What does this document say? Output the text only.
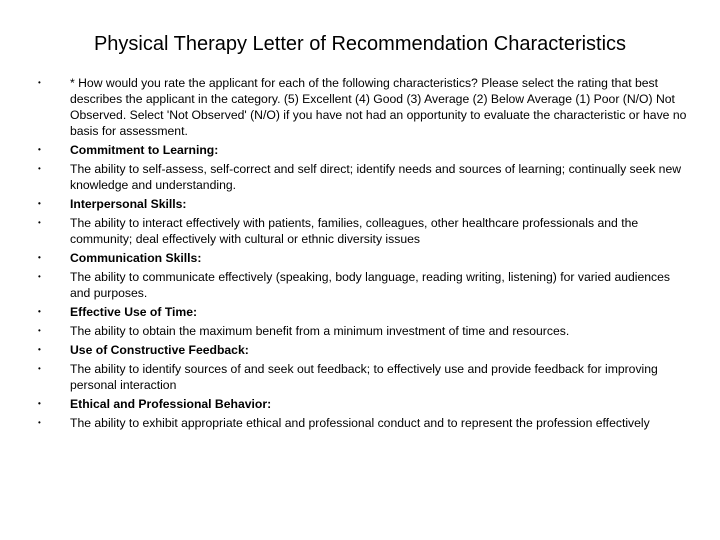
Physical Therapy Letter of Recommendation Characteristics
•	* How would you rate the applicant for each of the following characteristics? Please select the rating that best describes the applicant in the category. (5) Excellent (4) Good (3) Average (2) Below Average (1) Poor (N/O) Not Observed. Select 'Not Observed' (N/O) if you have not had an opportunity to evaluate the characteristic or have no basis for assessment.
•	Commitment to Learning:
•	The ability to self-assess, self-correct and self direct; identify needs and sources of learning; continually seek new knowledge and understanding.
•	Interpersonal Skills:
•	The ability to interact effectively with patients, families, colleagues, other healthcare professionals and the community; deal effectively with cultural or ethnic diversity issues
•	Communication Skills:
•	The ability to communicate effectively (speaking, body language, reading writing, listening) for varied audiences and purposes.
•	Effective Use of Time:
•	The ability to obtain the maximum benefit from a minimum investment of time and resources.
•	Use of Constructive Feedback:
•	The ability to identify sources of and seek out feedback; to effectively use and provide feedback for improving personal interaction
•	Ethical and Professional Behavior:
•	The ability to exhibit appropriate ethical and professional conduct and to represent the profession effectively
